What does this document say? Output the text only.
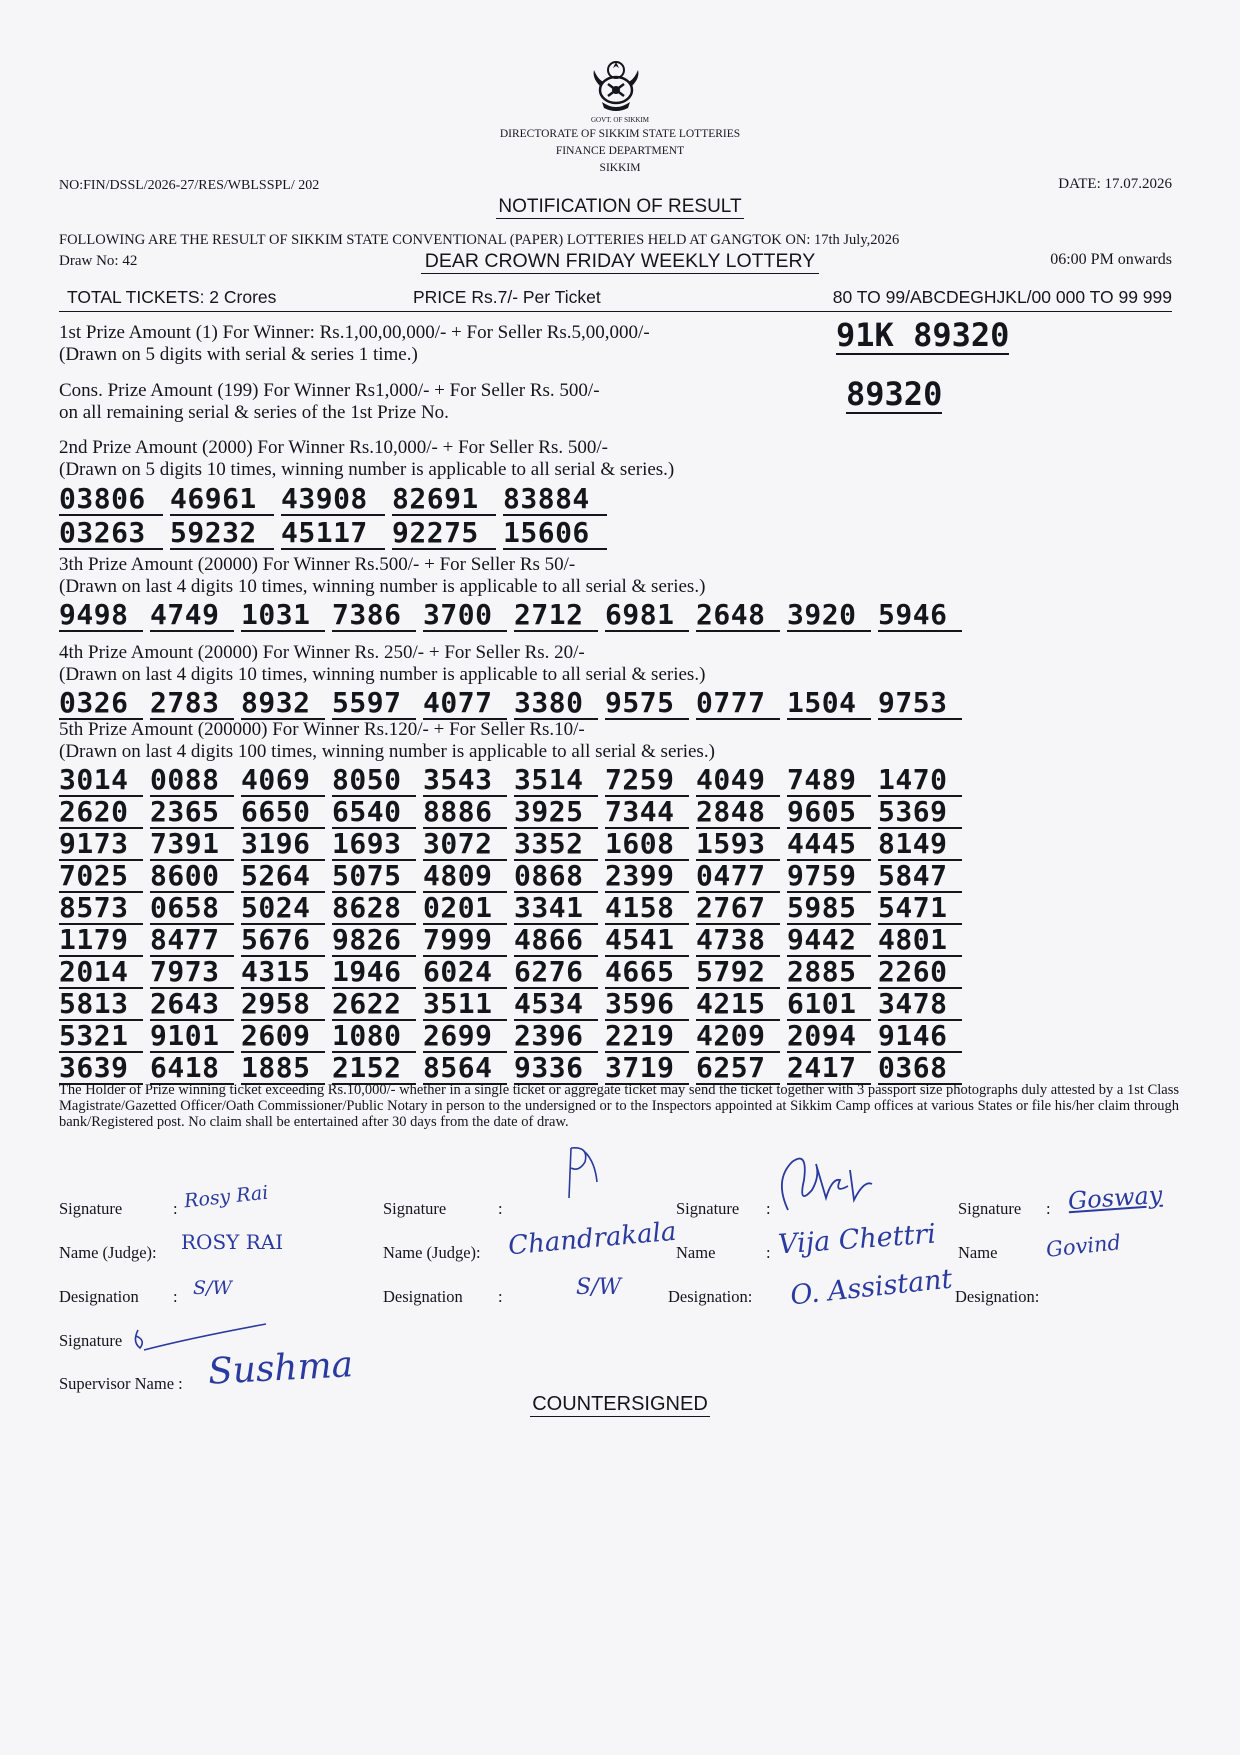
GOVT. OF SIKKIM
DIRECTORATE OF SIKKIM STATE LOTTERIES
FINANCE DEPARTMENT
SIKKIM
NO:FIN/DSSL/2026-27/RES/WBLSSPL/ 202	DATE: 17.07.2026
NOTIFICATION OF RESULT
FOLLOWING ARE THE RESULT OF SIKKIM STATE CONVENTIONAL (PAPER) LOTTERIES HELD AT GANGTOK ON: 17th July,2026
Draw No: 42	DEAR CROWN FRIDAY WEEKLY LOTTERY	06:00 PM onwards
TOTAL TICKETS: 2 Crores	PRICE Rs.7/- Per Ticket	80 TO 99/ABCDEGHJKL/00 000 TO 99 999
1st Prize Amount (1) For Winner: Rs.1,00,00,000/- + For Seller Rs.5,00,000/-
(Drawn on 5 digits with serial & series 1 time.)
91K 89320
Cons. Prize Amount (199) For Winner Rs1,000/- + For Seller Rs. 500/-
on all remaining serial & series of the 1st Prize No.	89320
2nd Prize Amount (2000) For Winner Rs.10,000/- + For Seller Rs. 500/-
(Drawn on 5 digits 10 times, winning number is applicable to all serial & series.)
03806 46961 43908 82691 83884
03263 59232 45117 92275 15606
3th Prize Amount (20000) For Winner Rs.500/- + For Seller Rs 50/-
(Drawn on last 4 digits 10 times, winning number is applicable to all serial & series.)
9498 4749 1031 7386 3700 2712 6981 2648 3920 5946
4th Prize Amount (20000) For Winner Rs. 250/- + For Seller Rs. 20/-
(Drawn on last 4 digits 10 times, winning number is applicable to all serial & series.)
0326 2783 8932 5597 4077 3380 9575 0777 1504 9753
5th Prize Amount (200000) For Winner Rs.120/- + For Seller Rs.10/-
(Drawn on last 4 digits 100 times, winning number is applicable to all serial & series.)
3014 0088 4069 8050 3543 3514 7259 4049 7489 1470
2620 2365 6650 6540 8886 3925 7344 2848 9605 5369
9173 7391 3196 1693 3072 3352 1608 1593 4445 8149
7025 8600 5264 5075 4809 0868 2399 0477 9759 5847
8573 0658 5024 8628 0201 3341 4158 2767 5985 5471
1179 8477 5676 9826 7999 4866 4541 4738 9442 4801
2014 7973 4315 1946 6024 6276 4665 5792 2885 2260
5813 2643 2958 2622 3511 4534 3596 4215 6101 3478
5321 9101 2609 1080 2699 2396 2219 4209 2094 9146
3639 6418 1885 2152 8564 9336 3719 6257 2417 0368
The Holder of Prize winning ticket exceeding Rs.10,000/- whether in a single ticket or aggregate ticket may send the ticket together with 3 passport size photographs duly attested by a 1st Class Magistrate/Gazetted Officer/Oath Commissioner/Public Notary in person to the undersigned or to the Inspectors appointed at Sikkim Camp offices at various States or file his/her claim through bank/Registered post. No claim shall be entertained after 30 days from the date of draw.
Signature	: Rosy Rai
Name (Judge): ROSY RAI
Designation : S/W
Signature	:
Name (Judge): Chandrakala
Designation :	S/W
Signature :
Name	: Vija Chettri
Designation: O. Assistant
Signature : Gosway
Name Govind
Designation:
Signature
Supervisor Name : Sushma
COUNTERSIGNED
